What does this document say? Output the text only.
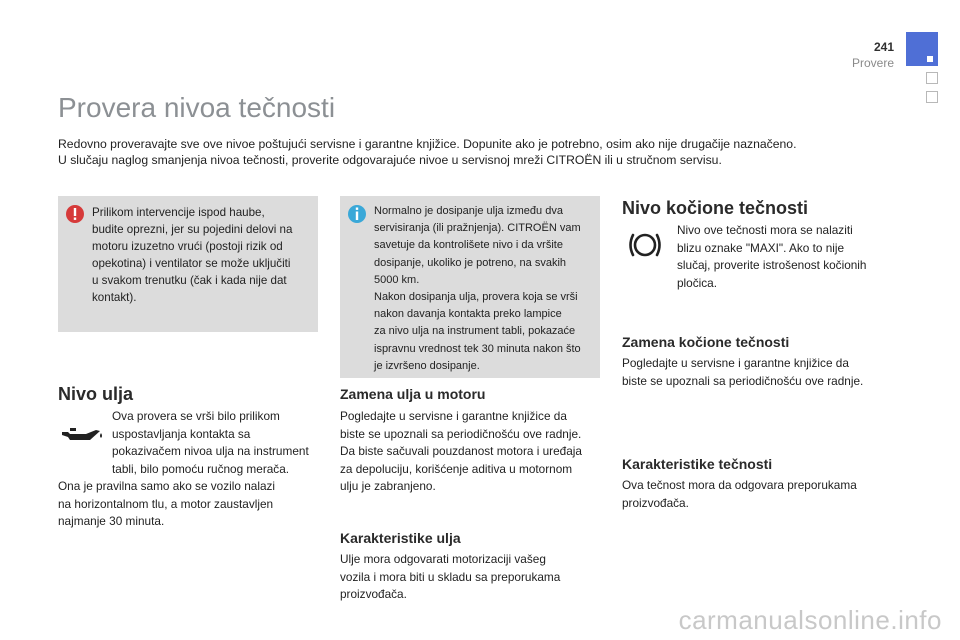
241
Provere
Provera nivoa tečnosti

Redovno proveravajte sve ove nivoe poštujući servisne i garantne knjižice. Dopunite ako je potrebno, osim ako nije drugačije naznačeno.

U slučaju naglog smanjenja nivoa tečnosti, proverite odgovarajuće nivoe u servisnoj mreži CITROËN ili u stručnom servisu.

Prilikom intervencije ispod haube,
budite oprezni, jer su pojedini delovi na
motoru izuzetno vrući (postoji rizik od
opekotina) i ventilator se može uključiti
u svakom trenutku (čak i kada nije dat
kontakt).
Normalno je dosipanje ulja između dva
servisiranja (ili pražnjenja). CITROËN vam
savetuje da kontrolišete nivo i da vršite
dosipanje, ukoliko je potreno, na svakih
5000 km.
Nakon dosipanja ulja, provera koja se vrši
nakon davanja kontakta preko lampice
za nivo ulja na instrument tabli, pokazaće
ispravnu vrednost tek 30 minuta nakon što
je izvršeno dosipanje.
Nivo ulja
Ova provera se vrši bilo prilikom
uspostavljanja kontakta sa
pokazivačem nivoa ulja na instrument
tabli, bilo pomoću ručnog merača.
Ona je pravilna samo ako se vozilo nalazi
na horizontalnom tlu, a motor zaustavljen
najmanje 30 minuta.
Zamena ulja u motoru
Pogledajte u servisne i garantne knjižice da
biste se upoznali sa periodičnošću ove radnje.
Da biste sačuvali pouzdanost motora i uređaja
za depoluciju, korišćenje aditiva u motornom
ulju je zabranjeno.
Karakteristike ulja
Ulje mora odgovarati motorizaciji vašeg
vozila i mora biti u skladu sa preporukama
proizvođača.
Nivo kočione tečnosti
Nivo ove tečnosti mora se nalaziti
blizu oznake "MAXI". Ako to nije
slučaj, proverite istrošenost kočionih
pločica.
Zamena kočione tečnosti
Pogledajte u servisne i garantne knjižice da
biste se upoznali sa periodičnošću ove radnje.
Karakteristike tečnosti
Ova tečnost mora da odgovara preporukama
proizvođača.
carmanualsonline.info
